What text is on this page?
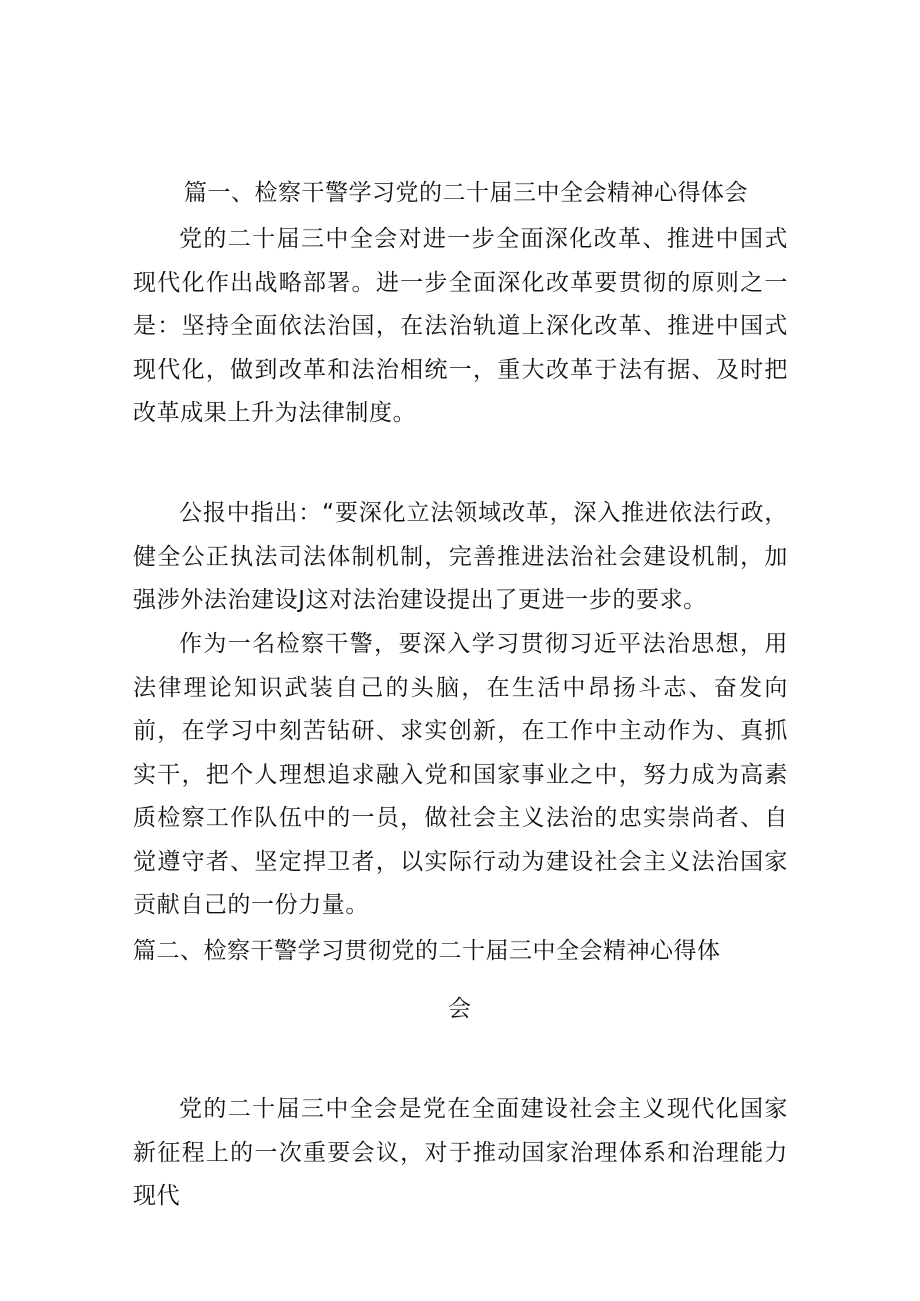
篇一、检察干警学习党的二十届三中全会精神心得体会

党的二十届三中全会对进一步全面深化改革、推进中国式现代化作出战略部署。进一步全面深化改革要贯彻的原则之一是：坚持全面依法治国，在法治轨道上深化改革、推进中国式现代化，做到改革和法治相统一，重大改革于法有据、及时把改革成果上升为法律制度。

公报中指出：“要深化立法领域改革，深入推进依法行政，健全公正执法司法体制机制，完善推进法治社会建设机制，加强涉外法治建设J这对法治建设提出了更进一步的要求。

作为一名检察干警，要深入学习贯彻习近平法治思想，用法律理论知识武装自己的头脑，在生活中昂扬斗志、奋发向前，在学习中刻苦钻研、求实创新，在工作中主动作为、真抓实干，把个人理想追求融入党和国家事业之中，努力成为高素质检察工作队伍中的一员，做社会主义法治的忠实崇尚者、自觉遵守者、坚定捍卫者，以实际行动为建设社会主义法治国家贡献自己的一份力量。

篇二、检察干警学习贯彻党的二十届三中全会精神心得体
会

党的二十届三中全会是党在全面建设社会主义现代化国家新征程上的一次重要会议，对于推动国家治理体系和治理能力现代
